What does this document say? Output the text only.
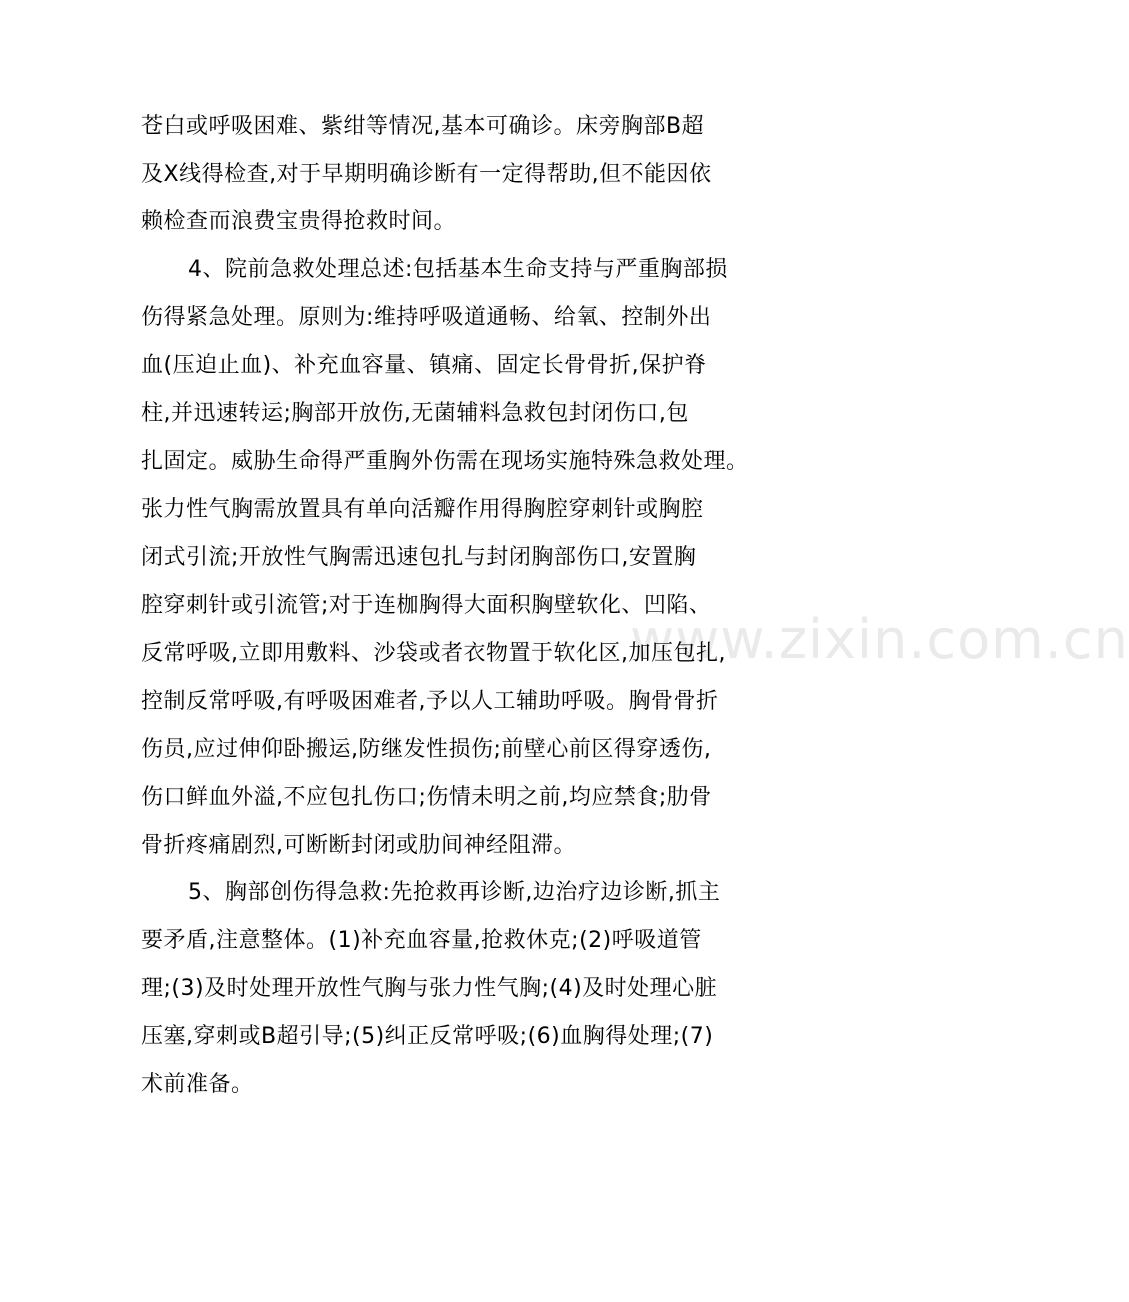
www.zixin.com.cn
苍白或呼吸困难、紫绀等情况,基本可确诊。床旁胸部B超
及X线得检查,对于早期明确诊断有一定得帮助,但不能因依
赖检查而浪费宝贵得抢救时间。
4、院前急救处理总述:包括基本生命支持与严重胸部损
伤得紧急处理。原则为:维持呼吸道通畅、给氧、控制外出
血(压迫止血)、补充血容量、镇痛、固定长骨骨折,保护脊
柱,并迅速转运;胸部开放伤,无菌辅料急救包封闭伤口,包
扎固定。威胁生命得严重胸外伤需在现场实施特殊急救处理。
张力性气胸需放置具有单向活瓣作用得胸腔穿刺针或胸腔
闭式引流;开放性气胸需迅速包扎与封闭胸部伤口,安置胸
腔穿刺针或引流管;对于连枷胸得大面积胸壁软化、凹陷、
反常呼吸,立即用敷料、沙袋或者衣物置于软化区,加压包扎,
控制反常呼吸,有呼吸困难者,予以人工辅助呼吸。胸骨骨折
伤员,应过伸仰卧搬运,防继发性损伤;前壁心前区得穿透伤,
伤口鲜血外溢,不应包扎伤口;伤情未明之前,均应禁食;肋骨
骨折疼痛剧烈,可断断封闭或肋间神经阻滞。
5、胸部创伤得急救:先抢救再诊断,边治疗边诊断,抓主
要矛盾,注意整体。(1)补充血容量,抢救休克;(2)呼吸道管
理;(3)及时处理开放性气胸与张力性气胸;(4)及时处理心脏
压塞,穿刺或B超引导;(5)纠正反常呼吸;(6)血胸得处理;(7)
术前准备。
